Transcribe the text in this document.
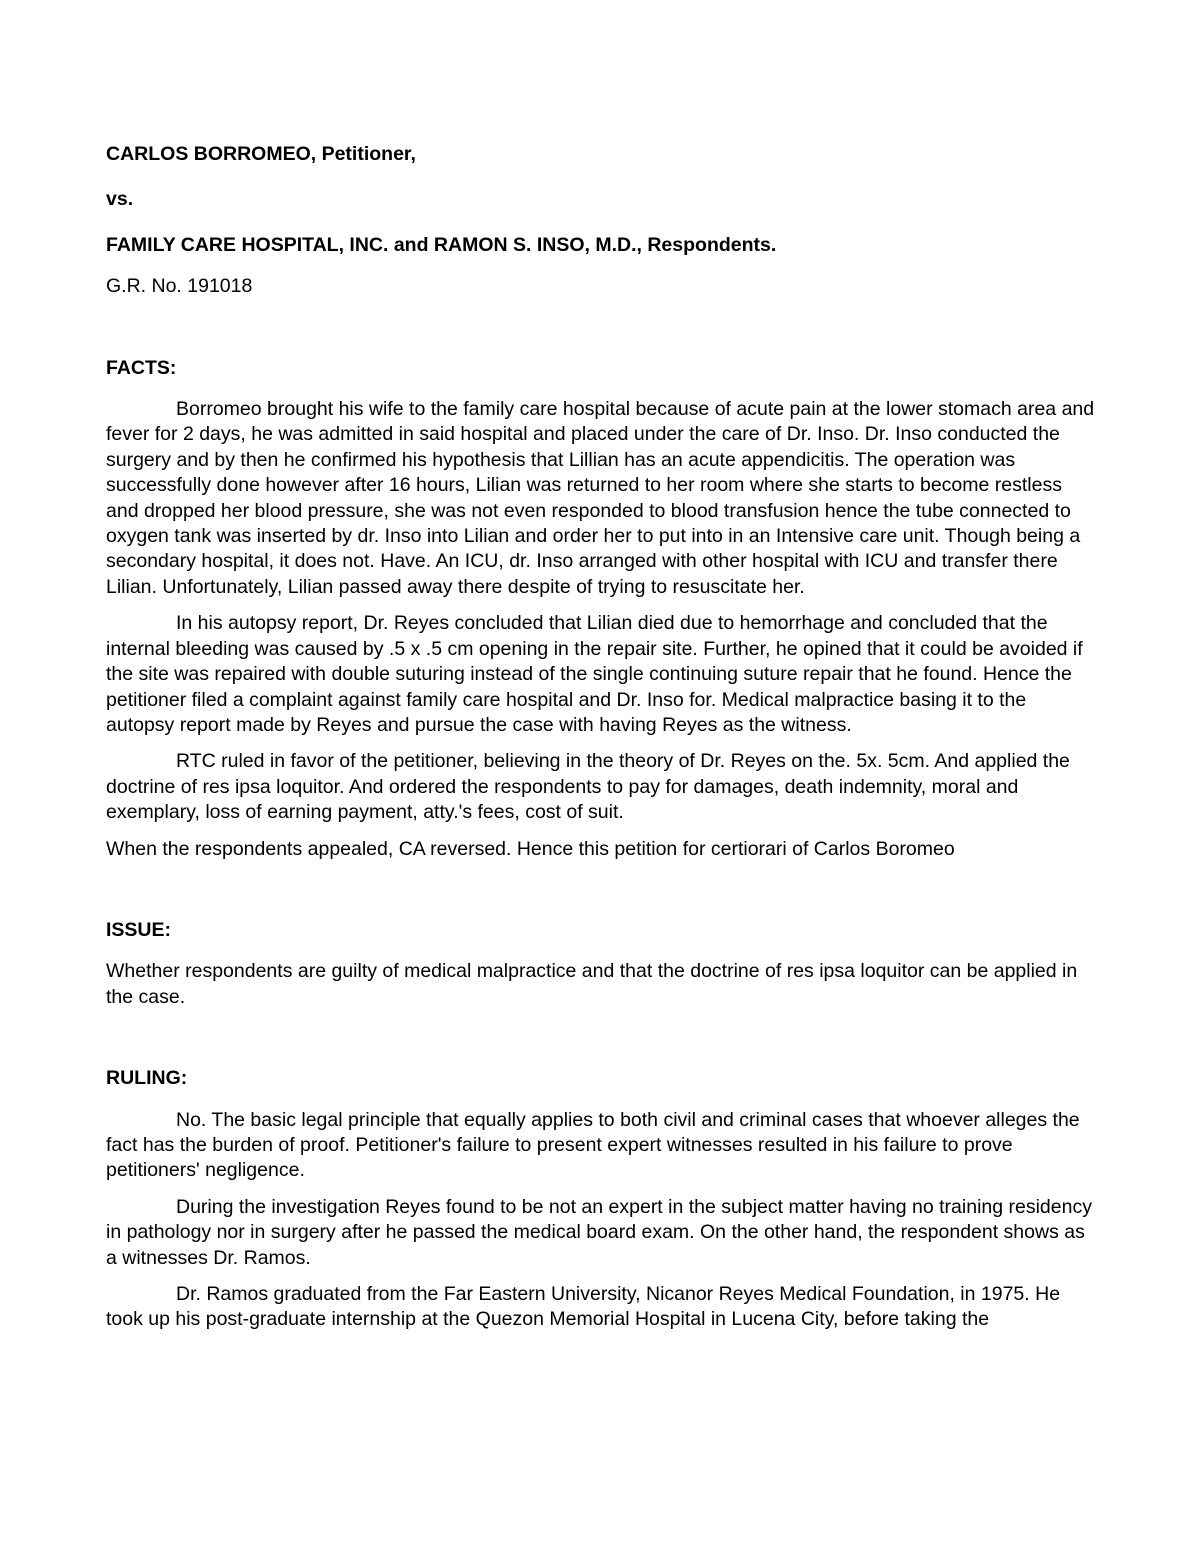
CARLOS BORROMEO, Petitioner,

vs.

FAMILY CARE HOSPITAL, INC. and RAMON S. INSO, M.D., Respondents.

G.R. No. 191018

FACTS:

Borromeo brought his wife to the family care hospital because of acute pain at the lower stomach area and fever for 2 days, he was admitted in said hospital and placed under the care of Dr. Inso. Dr. Inso conducted the surgery and by then he confirmed his hypothesis that Lillian has an acute appendicitis. The operation was successfully done however after 16 hours, Lilian was returned to her room where she starts to become restless and dropped her blood pressure, she was not even responded to blood transfusion hence the tube connected to oxygen tank was inserted by dr. Inso into Lilian and order her to put into in an Intensive care unit. Though being a secondary hospital, it does not. Have. An ICU, dr. Inso arranged with other hospital with ICU and transfer there Lilian. Unfortunately, Lilian passed away there despite of trying to resuscitate her.

In his autopsy report, Dr. Reyes concluded that Lilian died due to hemorrhage and concluded that the internal bleeding was caused by .5 x .5 cm opening in the repair site. Further, he opined that it could be avoided if the site was repaired with double suturing instead of the single continuing suture repair that he found. Hence the petitioner filed a complaint against family care hospital and Dr. Inso for. Medical malpractice basing it to the autopsy report made by Reyes and pursue the case with having Reyes as the witness.

RTC ruled in favor of the petitioner, believing in the theory of Dr. Reyes on the. 5x. 5cm. And applied the doctrine of res ipsa loquitor. And ordered the respondents to pay for damages, death indemnity, moral and exemplary, loss of earning payment, atty.'s fees, cost of suit.

When the respondents appealed, CA reversed. Hence this petition for certiorari of Carlos Boromeo

ISSUE:

Whether respondents are guilty of medical malpractice and that the doctrine of res ipsa loquitor can be applied in the case.

RULING:

No. The basic legal principle that equally applies to both civil and criminal cases that whoever alleges the fact has the burden of proof. Petitioner's failure to present expert witnesses resulted in his failure to prove petitioners' negligence.

During the investigation Reyes found to be not an expert in the subject matter having no training residency in pathology nor in surgery after he passed the medical board exam. On the other hand, the respondent shows as a witnesses Dr. Ramos.

Dr. Ramos graduated from the Far Eastern University, Nicanor Reyes Medical Foundation, in 1975. He took up his post-graduate internship at the Quezon Memorial Hospital in Lucena City, before taking the
